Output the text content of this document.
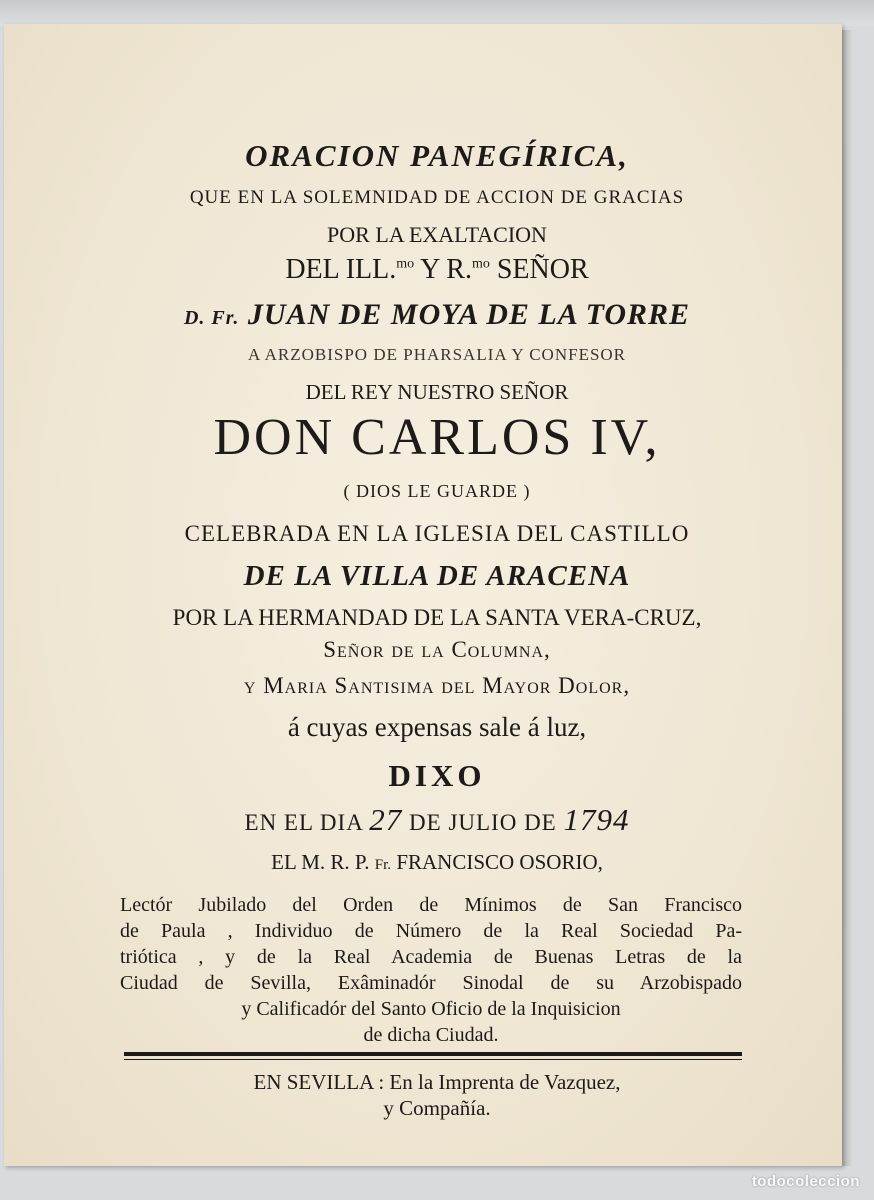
ORACION PANEGÍRICA,
QUE EN LA SOLEMNIDAD DE ACCION DE GRACIAS
POR LA EXALTACION
DEL ILL.$^{mo}$ Y R.$^{mo}$ SEÑOR
D. Fr. JUAN DE MOYA DE LA TORRE
A ARZOBISPO DE PHARSALIA Y CONFESOR
DEL REY NUESTRO SEÑOR
DON CARLOS IV,
( DIOS LE GUARDE )
CELEBRADA EN LA IGLESIA DEL CASTILLO
DE LA VILLA DE ARACENA
POR LA HERMANDAD DE LA SANTA VERA-CRUZ,
Señor de la Columna,
y Maria Santisima del Mayor Dolor,
á cuyas expensas sale á luz,
DIXO
EN EL DIA 27 DE JULIO DE 1794
EL M. R. P. Fr. FRANCISCO OSORIO,
Lectór Jubilado del Orden de Mínimos de San Francisco
de Paula , Individuo de Número de la Real Sociedad Pa-
triótica , y de la Real Academia de Buenas Letras de la
Ciudad de Sevilla, Exâminadór Sinodal de su Arzobispado
y Calificadór del Santo Oficio de la Inquisicion
de dicha Ciudad.
EN SEVILLA : En la Imprenta de Vazquez,
y Compañía.
todocoleccion
